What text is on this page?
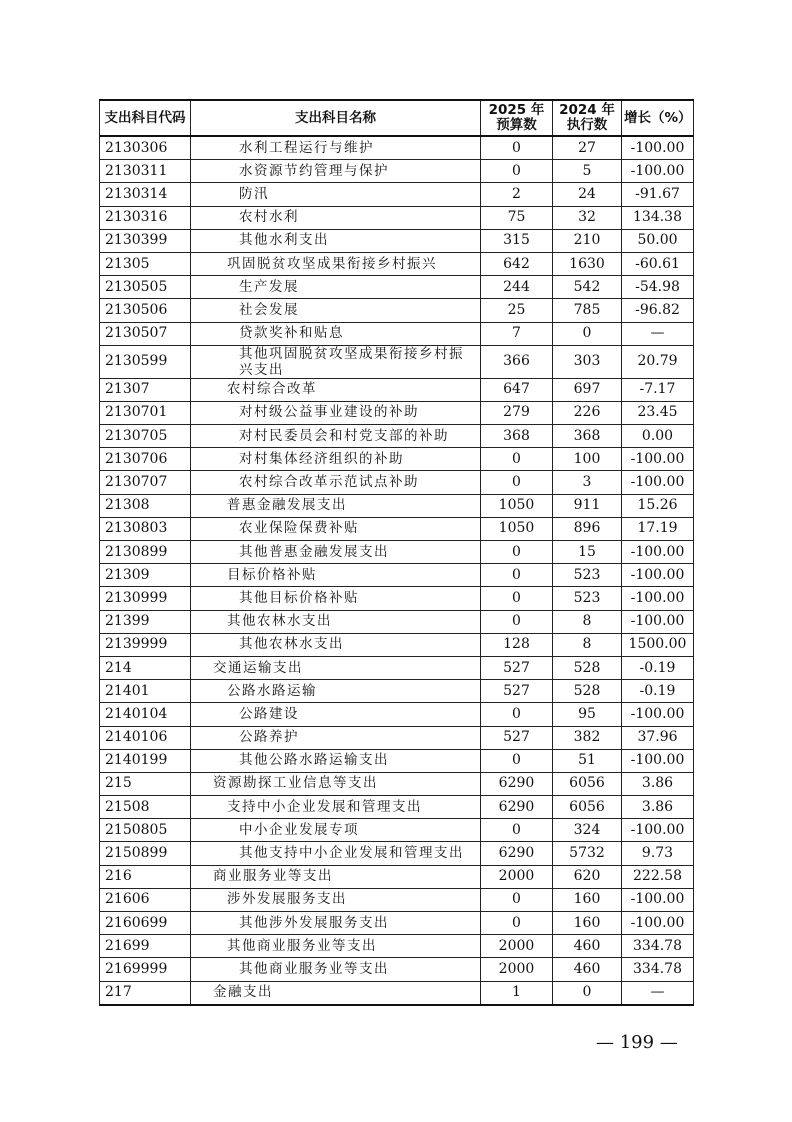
支出科目代码	支出科目名称	2025 年预算数	2024 年执行数	增长（%）
2130306	水利工程运行与维护	0	27	-100.00
2130311	水资源节约管理与保护	0	5	-100.00
2130314	防汛	2	24	-91.67
2130316	农村水利	75	32	134.38
2130399	其他水利支出	315	210	50.00
21305	巩固脱贫攻坚成果衔接乡村振兴	642	1630	-60.61
2130505	生产发展	244	542	-54.98
2130506	社会发展	25	785	-96.82
2130507	贷款奖补和贴息	7	0	—
2130599	其他巩固脱贫攻坚成果衔接乡村振兴支出	366	303	20.79
21307	农村综合改革	647	697	-7.17
2130701	对村级公益事业建设的补助	279	226	23.45
2130705	对村民委员会和村党支部的补助	368	368	0.00
2130706	对村集体经济组织的补助	0	100	-100.00
2130707	农村综合改革示范试点补助	0	3	-100.00
21308	普惠金融发展支出	1050	911	15.26
2130803	农业保险保费补贴	1050	896	17.19
2130899	其他普惠金融发展支出	0	15	-100.00
21309	目标价格补贴	0	523	-100.00
2130999	其他目标价格补贴	0	523	-100.00
21399	其他农林水支出	0	8	-100.00
2139999	其他农林水支出	128	8	1500.00
214	交通运输支出	527	528	-0.19
21401	公路水路运输	527	528	-0.19
2140104	公路建设	0	95	-100.00
2140106	公路养护	527	382	37.96
2140199	其他公路水路运输支出	0	51	-100.00
215	资源勘探工业信息等支出	6290	6056	3.86
21508	支持中小企业发展和管理支出	6290	6056	3.86
2150805	中小企业发展专项	0	324	-100.00
2150899	其他支持中小企业发展和管理支出	6290	5732	9.73
216	商业服务业等支出	2000	620	222.58
21606	涉外发展服务支出	0	160	-100.00
2160699	其他涉外发展服务支出	0	160	-100.00
21699	其他商业服务业等支出	2000	460	334.78
2169999	其他商业服务业等支出	2000	460	334.78
217	金融支出	1	0	—
— 199 —
